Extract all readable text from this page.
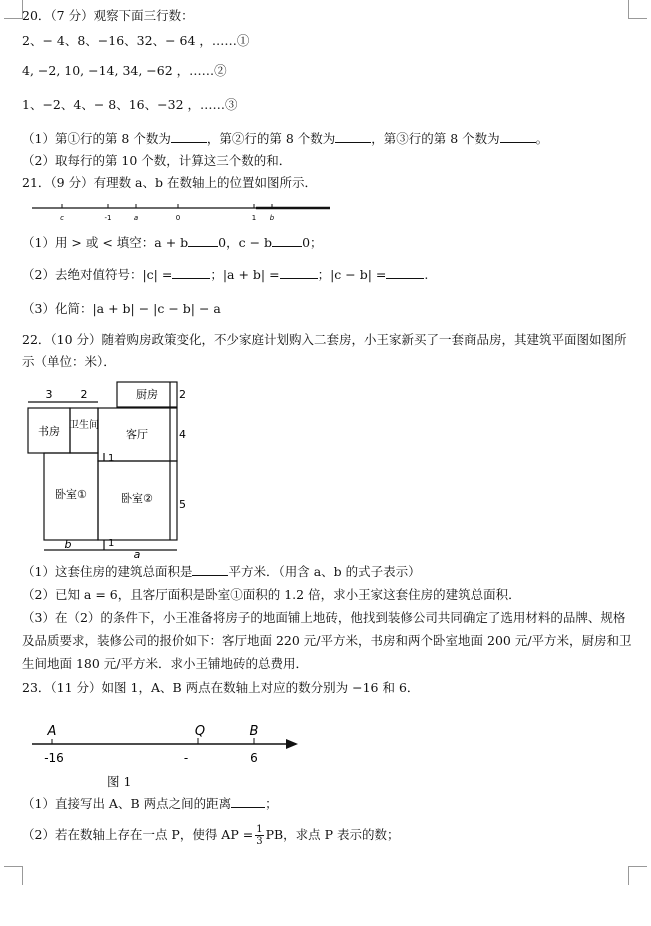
20．（7 分）观察下面三行数：
2、− 4、8、−16、32、− 64 ，……①
4, −2, 10, −14, 34, −62 ，……②
1、−2、4、− 8、16、−32 ，……③
（1）第①行的第 8 个数为	，第②行的第 8 个数为	，第③行的第 8 个数为	。
（2）取每行的第 10 个数，计算这三个数的和．
21．（9 分）有理数 a、b 在数轴上的位置如图所示．
c	-1	a	0	1 b
（1）用 > 或 < 填空：a + b 0，c − b 0；
（2）去绝对值符号：|c| =	；|a + b| =	；|c − b| =	.
（3）化简：|a + b| − |c − b| − a
22．（10 分）随着购房政策变化，不少家庭计划购入二套房，小王家新买了一套商品房，其建筑平面图如图所
示（单位：米）．
3	2	2
4
5
1
1
b
a
厨房
书房 卫生间
客厅
卧室①	卧室②
（1）这套住房的建筑总面积是	平方米．（用含 a、b 的式子表示）
（2）已知 a = 6，且客厅面积是卧室①面积的 1.2 倍，求小王家这套住房的建筑总面积．
（3）在（2）的条件下，小王准备将房子的地面铺上地砖，他找到装修公司共同确定了选用材料的品牌、规格
及品质要求，装修公司的报价如下：客厅地面 220 元/平方米，书房和两个卧室地面 200 元/平方米，厨房和卫
生间地面 180 元/平方米．求小王铺地砖的总费用．
23．（11 分）如图 1，A、B 两点在数轴上对应的数分别为 −16 和 6．
A	Q	B
-16	-	6
图 1
（1）直接写出 A、B 两点之间的距离	；
（2）若在数轴上存在一点 P，使得 AP = $\frac{1}{3}$ PB，求点 P 表示的数；
